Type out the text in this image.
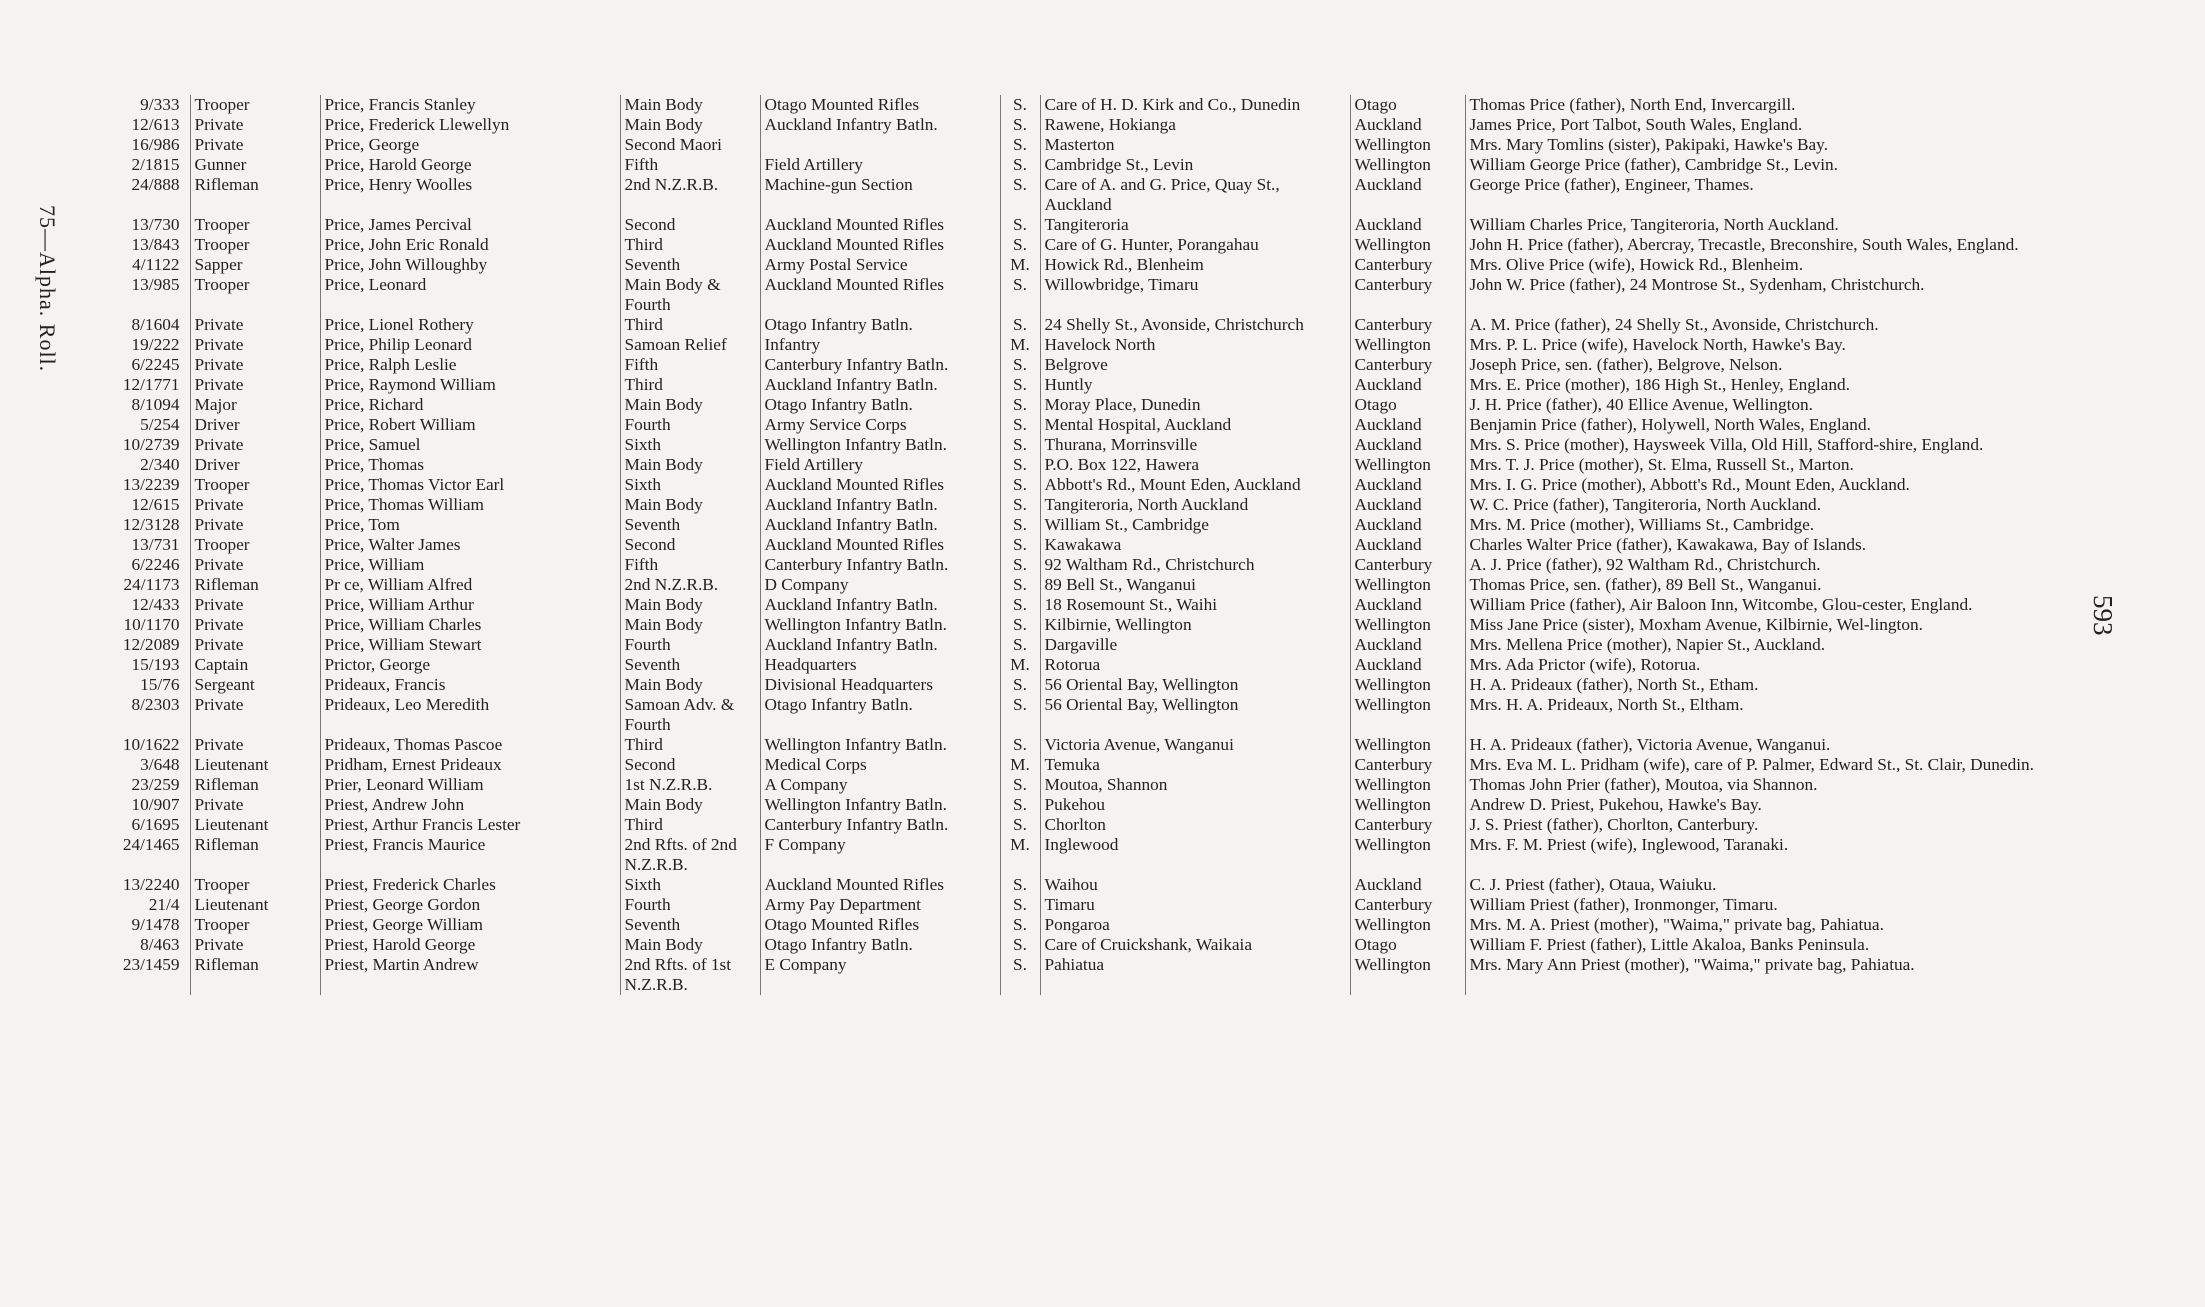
75—Alpha. Roll.
593
9/333	Trooper	Price, Francis Stanley	Main Body	Otago Mounted Rifles	S.	Care of H. D. Kirk and Co., Dunedin	Otago	Thomas Price (father), North End, Invercargill.
12/613	Private	Price, Frederick Llewellyn	Main Body	Auckland Infantry Batln.	S.	Rawene, Hokianga	Auckland	James Price, Port Talbot, South Wales, England.
16/986	Private	Price, George	Second Maori		S.	Masterton	Wellington	Mrs. Mary Tomlins (sister), Pakipaki, Hawke's Bay.
2/1815	Gunner	Price, Harold George	Fifth	Field Artillery	S.	Cambridge St., Levin	Wellington	William George Price (father), Cambridge St., Levin.
24/888	Rifleman	Price, Henry Woolles	2nd N.Z.R.B.	Machine-gun Section	S.	Care of A. and G. Price, Quay St., Auckland	Auckland	George Price (father), Engineer, Thames.
13/730	Trooper	Price, James Percival	Second	Auckland Mounted Rifles	S.	Tangiteroria	Auckland	William Charles Price, Tangiteroria, North Auckland.
13/843	Trooper	Price, John Eric Ronald	Third	Auckland Mounted Rifles	S.	Care of G. Hunter, Porangahau	Wellington	John H. Price (father), Abercray, Trecastle, Breconshire, South Wales, England.
4/1122	Sapper	Price, John Willoughby	Seventh	Army Postal Service	M.	Howick Rd., Blenheim	Canterbury	Mrs. Olive Price (wife), Howick Rd., Blenheim.
13/985	Trooper	Price, Leonard	Main Body & Fourth	Auckland Mounted Rifles	S.	Willowbridge, Timaru	Canterbury	John W. Price (father), 24 Montrose St., Sydenham, Christchurch.
8/1604	Private	Price, Lionel Rothery	Third	Otago Infantry Batln.	S.	24 Shelly St., Avonside, Christchurch	Canterbury	A. M. Price (father), 24 Shelly St., Avonside, Christchurch.
19/222	Private	Price, Philip Leonard	Samoan Relief	Infantry	M.	Havelock North	Wellington	Mrs. P. L. Price (wife), Havelock North, Hawke's Bay.
6/2245	Private	Price, Ralph Leslie	Fifth	Canterbury Infantry Batln.	S.	Belgrove	Canterbury	Joseph Price, sen. (father), Belgrove, Nelson.
12/1771	Private	Price, Raymond William	Third	Auckland Infantry Batln.	S.	Huntly	Auckland	Mrs. E. Price (mother), 186 High St., Henley, England.
8/1094	Major	Price, Richard	Main Body	Otago Infantry Batln.	S.	Moray Place, Dunedin	Otago	J. H. Price (father), 40 Ellice Avenue, Wellington.
5/254	Driver	Price, Robert William	Fourth	Army Service Corps	S.	Mental Hospital, Auckland	Auckland	Benjamin Price (father), Holywell, North Wales, England.
10/2739	Private	Price, Samuel	Sixth	Wellington Infantry Batln.	S.	Thurana, Morrinsville	Auckland	Mrs. S. Price (mother), Haysweek Villa, Old Hill, Stafford-shire, England.
2/340	Driver	Price, Thomas	Main Body	Field Artillery	S.	P.O. Box 122, Hawera	Wellington	Mrs. T. J. Price (mother), St. Elma, Russell St., Marton.
13/2239	Trooper	Price, Thomas Victor Earl	Sixth	Auckland Mounted Rifles	S.	Abbott's Rd., Mount Eden, Auckland	Auckland	Mrs. I. G. Price (mother), Abbott's Rd., Mount Eden, Auckland.
12/615	Private	Price, Thomas William	Main Body	Auckland Infantry Batln.	S.	Tangiteroria, North Auckland	Auckland	W. C. Price (father), Tangiteroria, North Auckland.
12/3128	Private	Price, Tom	Seventh	Auckland Infantry Batln.	S.	William St., Cambridge	Auckland	Mrs. M. Price (mother), Williams St., Cambridge.
13/731	Trooper	Price, Walter James	Second	Auckland Mounted Rifles	S.	Kawakawa	Auckland	Charles Walter Price (father), Kawakawa, Bay of Islands.
6/2246	Private	Price, William	Fifth	Canterbury Infantry Batln.	S.	92 Waltham Rd., Christchurch	Canterbury	A. J. Price (father), 92 Waltham Rd., Christchurch.
24/1173	Rifleman	Pr ce, William Alfred	2nd N.Z.R.B.	D Company	S.	89 Bell St., Wanganui	Wellington	Thomas Price, sen. (father), 89 Bell St., Wanganui.
12/433	Private	Price, William Arthur	Main Body	Auckland Infantry Batln.	S.	18 Rosemount St., Waihi	Auckland	William Price (father), Air Baloon Inn, Witcombe, Glou-cester, England.
10/1170	Private	Price, William Charles	Main Body	Wellington Infantry Batln.	S.	Kilbirnie, Wellington	Wellington	Miss Jane Price (sister), Moxham Avenue, Kilbirnie, Wel-lington.
12/2089	Private	Price, William Stewart	Fourth	Auckland Infantry Batln.	S.	Dargaville	Auckland	Mrs. Mellena Price (mother), Napier St., Auckland.
15/193	Captain	Prictor, George	Seventh	Headquarters	M.	Rotorua	Auckland	Mrs. Ada Prictor (wife), Rotorua.
15/76	Sergeant	Prideaux, Francis	Main Body	Divisional Headquarters	S.	56 Oriental Bay, Wellington	Wellington	H. A. Prideaux (father), North St., Etham.
8/2303	Private	Prideaux, Leo Meredith	Samoan Adv. & Fourth	Otago Infantry Batln.	S.	56 Oriental Bay, Wellington	Wellington	Mrs. H. A. Prideaux, North St., Eltham.
10/1622	Private	Prideaux, Thomas Pascoe	Third	Wellington Infantry Batln.	S.	Victoria Avenue, Wanganui	Wellington	H. A. Prideaux (father), Victoria Avenue, Wanganui.
3/648	Lieutenant	Pridham, Ernest Prideaux	Second	Medical Corps	M.	Temuka	Canterbury	Mrs. Eva M. L. Pridham (wife), care of P. Palmer, Edward St., St. Clair, Dunedin.
23/259	Rifleman	Prier, Leonard William	1st N.Z.R.B.	A Company	S.	Moutoa, Shannon	Wellington	Thomas John Prier (father), Moutoa, via Shannon.
10/907	Private	Priest, Andrew John	Main Body	Wellington Infantry Batln.	S.	Pukehou	Wellington	Andrew D. Priest, Pukehou, Hawke's Bay.
6/1695	Lieutenant	Priest, Arthur Francis Lester	Third	Canterbury Infantry Batln.	S.	Chorlton	Canterbury	J. S. Priest (father), Chorlton, Canterbury.
24/1465	Rifleman	Priest, Francis Maurice	2nd Rfts. of 2nd N.Z.R.B.	F Company	M.	Inglewood	Wellington	Mrs. F. M. Priest (wife), Inglewood, Taranaki.
13/2240	Trooper	Priest, Frederick Charles	Sixth	Auckland Mounted Rifles	S.	Waihou	Auckland	C. J. Priest (father), Otaua, Waiuku.
21/4	Lieutenant	Priest, George Gordon	Fourth	Army Pay Department	S.	Timaru	Canterbury	William Priest (father), Ironmonger, Timaru.
9/1478	Trooper	Priest, George William	Seventh	Otago Mounted Rifles	S.	Pongaroa	Wellington	Mrs. M. A. Priest (mother), "Waima," private bag, Pahiatua.
8/463	Private	Priest, Harold George	Main Body	Otago Infantry Batln.	S.	Care of Cruickshank, Waikaia	Otago	William F. Priest (father), Little Akaloa, Banks Peninsula.
23/1459	Rifleman	Priest, Martin Andrew	2nd Rfts. of 1st N.Z.R.B.	E Company	S.	Pahiatua	Wellington	Mrs. Mary Ann Priest (mother), "Waima," private bag, Pahiatua.
